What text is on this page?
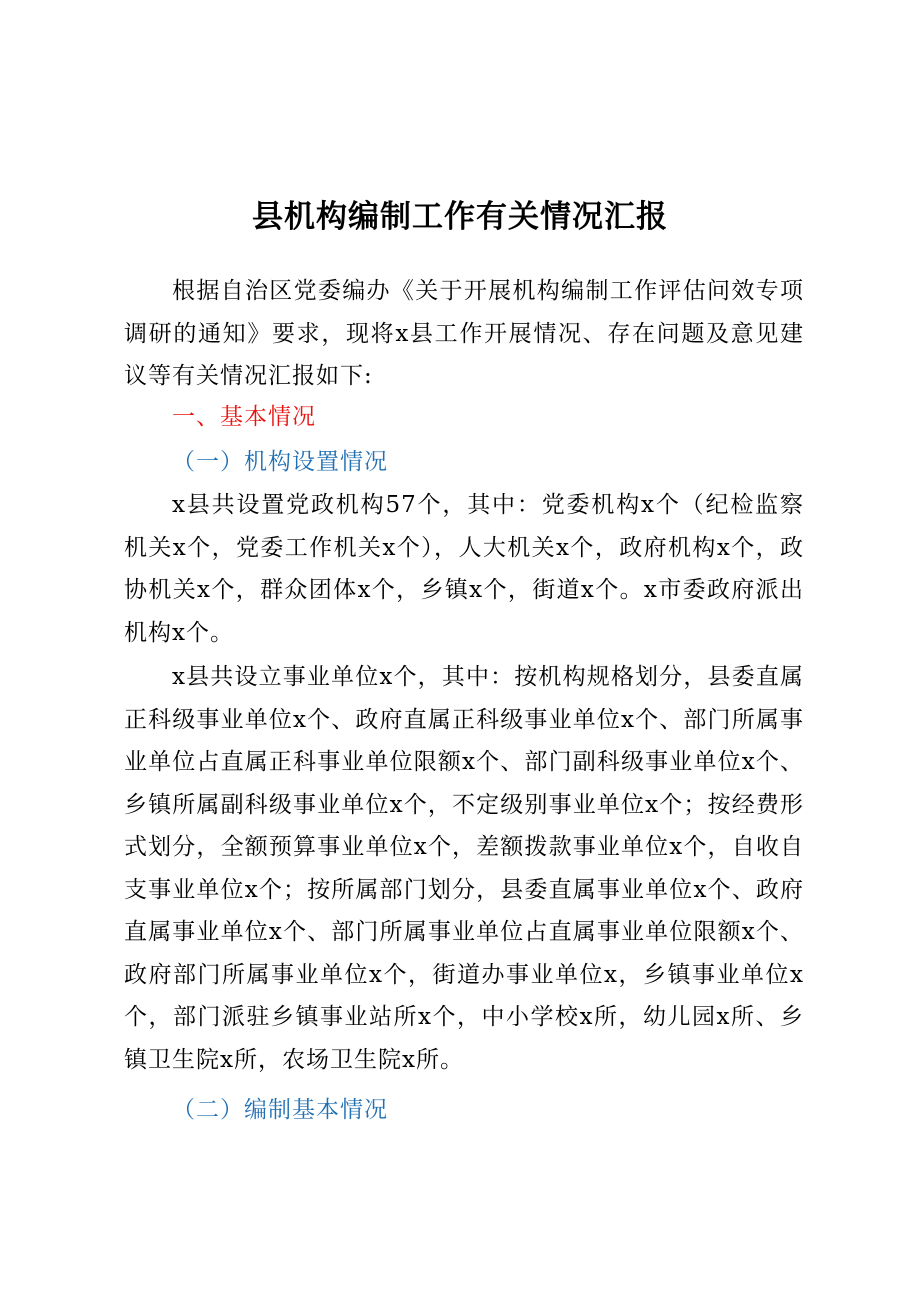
县机构编制工作有关情况汇报

根据自治区党委编办《关于开展机构编制工作评估问效专项调研的通知》要求，现将x县工作开展情况、存在问题及意见建议等有关情况汇报如下:

一、基本情况
（一）机构设置情况

x县共设置党政机构57个，其中：党委机构x个（纪检监察机关x个，党委工作机关x个），人大机关x个，政府机构x个，政协机关x个，群众团体x个，乡镇x个，街道x个。x市委政府派出机构x个。

x县共设立事业单位x个，其中：按机构规格划分，县委直属正科级事业单位x个、政府直属正科级事业单位x个、部门所属事业单位占直属正科事业单位限额x个、部门副科级事业单位x个、乡镇所属副科级事业单位x个，不定级别事业单位x个；按经费形式划分，全额预算事业单位x个，差额拨款事业单位x个，自收自支事业单位x个；按所属部门划分，县委直属事业单位x个、政府直属事业单位x个、部门所属事业单位占直属事业单位限额x个、政府部门所属事业单位x个，街道办事业单位x，乡镇事业单位x个，部门派驻乡镇事业站所x个，中小学校x所，幼儿园x所、乡镇卫生院x所，农场卫生院x所。

（二）编制基本情况
